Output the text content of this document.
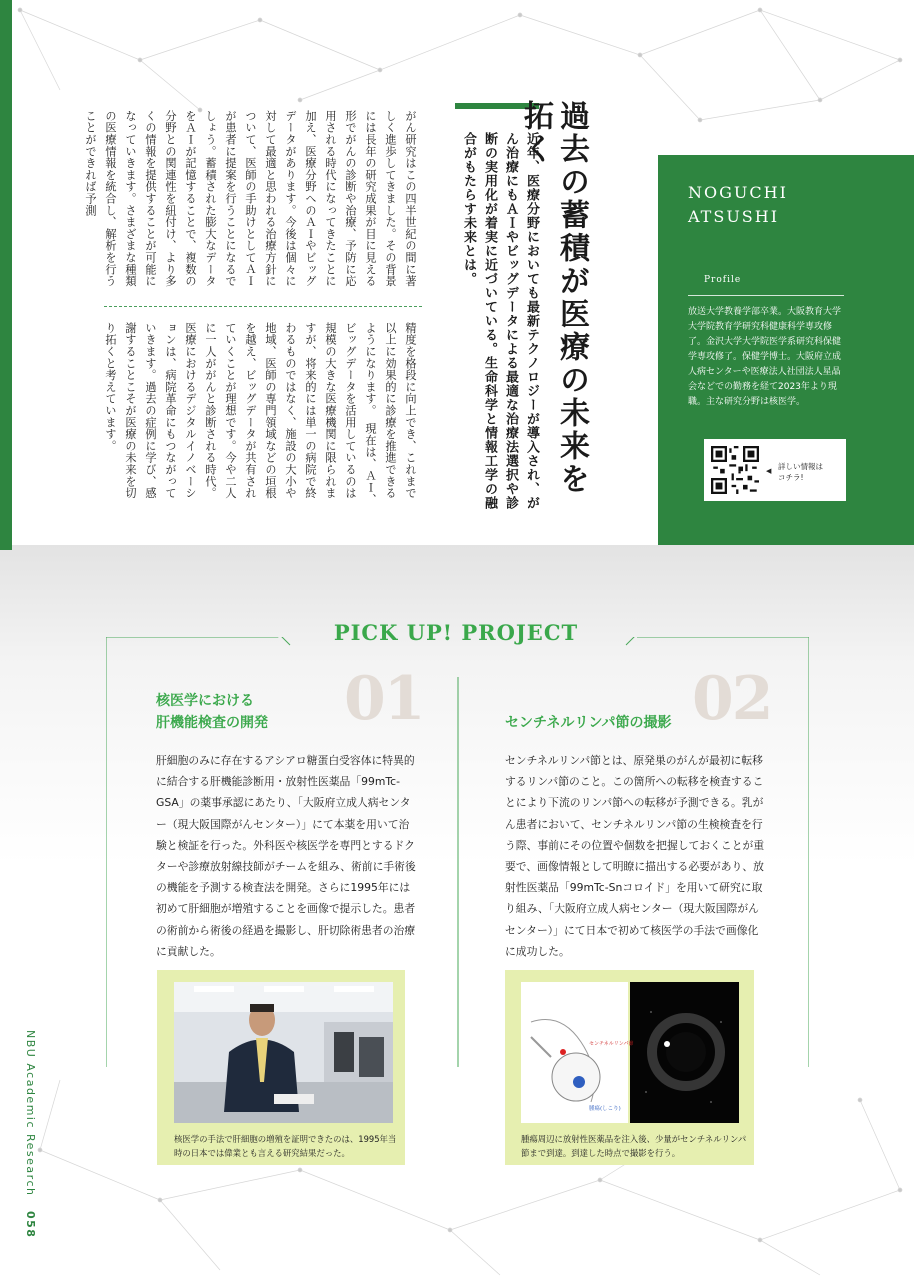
過去の蓄積が医療の未来を拓く
近年、医療分野においても最新テクノロジーが導入され、がん治療にもＡＩやビッグデータによる最適な治療法選択や診断の実用化が着実に近づいている。生命科学と情報工学の融合がもたらす未来とは。
がん研究はこの四半世紀の間に著しく進歩してきました。その背景には長年の研究成果が目に見える形でがんの診断や治療、予防に応用される時代になってきたことに加え、医療分野へのＡＩやビッグデータがあります。今後は個々に対して最適と思われる治療方針について、医師の手助けとしてＡＩが患者に提案を行うことになるでしょう。蓄積された膨大なデータをＡＩが記憶することで、複数の分野との関連性を紐付け、より多くの情報を提供することが可能になっていきます。さまざまな種類の医療情報を統合し、解析を行うことができれば予測
精度を格段に向上でき、これまで以上に効果的に診療を推進できるようになります。　現在は、ＡＩ、ビッグデータを活用しているのは規模の大きな医療機関に限られますが、将来的には単一の病院で終わるものではなく、施設の大小や地域、医師の専門領域などの垣根を越え、ビッグデータが共有されていくことが理想です。今や二人に一人ががんと診断される時代。医療におけるデジタルイノベーションは、病院革命にもつながっていきます。過去の症例に学び、感謝することこそが医療の未来を切り拓くと考えています。
NOGUCHI
ATSUSHI
Profile
放送大学教養学部卒業。大阪教育大学大学院教育学研究科健康科学専攻修了。金沢大学大学院医学系研究科保健学専攻修了。保健学博士。大阪府立成人病センターや医療法人社団法人星晶会などでの勤務を経て2023年より現職。主な研究分野は核医学。
◀ 詳しい情報は
コチラ!
PICK UP! PROJECT
01	02
核医学における
肝機能検査の開発	センチネルリンパ節の撮影
肝細胞のみに存在するアシアロ糖蛋白受容体に特異的に結合する肝機能診断用・放射性医薬品「99mTc-GSA」の薬事承認にあたり、「大阪府立成人病センター（現大阪国際がんセンター）」にて本薬を用いて治験と検証を行った。外科医や核医学を専門とするドクターや診療放射線技師がチームを組み、術前に手術後の機能を予測する検査法を開発。さらに1995年には初めて肝細胞が増殖することを画像で提示した。患者の術前から術後の経過を撮影し、肝切除術患者の治療に貢献した。
センチネルリンパ節とは、原発巣のがんが最初に転移するリンパ節のこと。この箇所への転移を検査することにより下流のリンパ節への転移が予測できる。乳がん患者において、センチネルリンパ節の生検検査を行う際、事前にその位置や個数を把握しておくことが重要で、画像情報として明瞭に描出する必要があり、放射性医薬品「99mTc-Snコロイド」を用いて研究に取り組み、「大阪府立成人病センター（現大阪国際がんセンター）」にて日本で初めて核医学の手法で画像化に成功した。
核医学の手法で肝細胞の増殖を証明できたのは、1995年当時の日本では偉業とも言える研究結果だった。
センチネルリンパ節
腫瘍(しこり)
腫瘍周辺に放射性医薬品を注入後、少量がセンチネルリンパ節まで到達。到達した時点で撮影を行う。
NBU Academic Research 058
